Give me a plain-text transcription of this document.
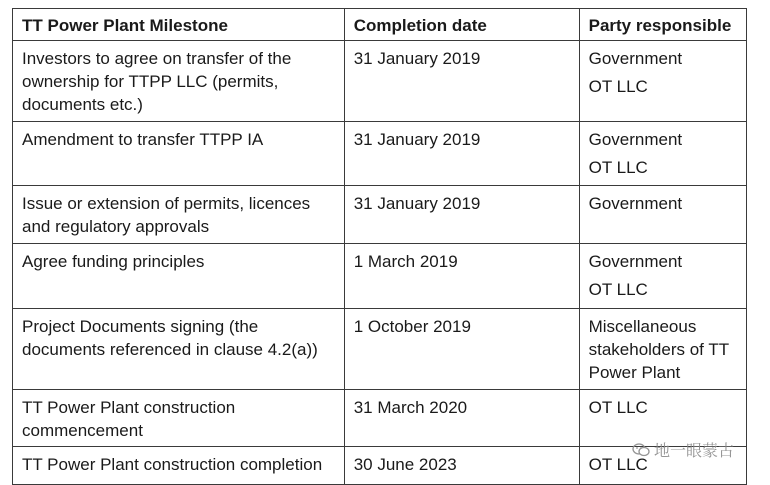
TT Power Plant Milestone	Completion date	Party responsible

Investors to agree on transfer of the ownership for TTPP LLC (permits, documents etc.)	31 January 2019	Government
OT LLC

Amendment to transfer TTPP IA	31 January 2019	Government
OT LLC

Issue or extension of permits, licences and regulatory approvals	31 January 2019	Government

Agree funding principles	1 March 2019	Government
OT LLC

Project Documents signing (the documents referenced in clause 4.2(a))	1 October 2019	Miscellaneous stakeholders of TT Power Plant

TT Power Plant construction commencement	31 March 2020	OT LLC

TT Power Plant construction completion	30 June 2023	OT LLC
地一眼蒙古
